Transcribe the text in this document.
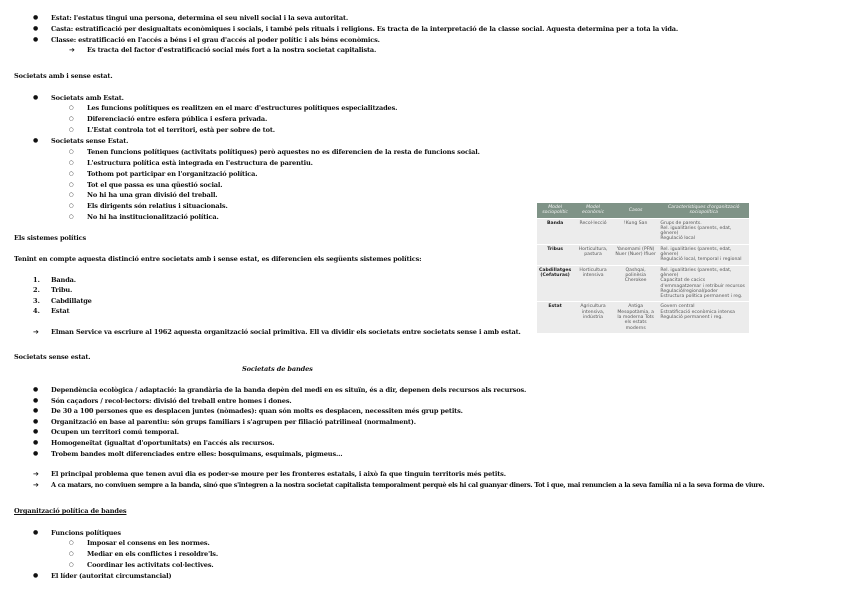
● Estat: l'estatus tingui una persona, determina el seu nivell social i la seva autoritat.
● Casta: estratificació per desigualtats econòmiques i socials, i també pels rituals i religions. Es tracta de la interpretació de la classe social. Aquesta determina per a tota la vida.
● Classe: estratificació en l'accés a béns i el grau d'accés al poder polític i als béns econòmics.
➔ Es tracta del factor d'estratificació social més fort a la nostra societat capitalista.
Societats amb i sense estat.
● Societats amb Estat.
○ Les funcions polítiques es realitzen en el marc d'estructures polítiques especialitzades.
○ Diferenciació entre esfera pública i esfera privada.
○ L'Estat controla tot el territori, està per sobre de tot.
● Societats sense Estat.
○ Tenen funcions polítiques (activitats polítiques) però aquestes no es diferencien de la resta de funcions social.
○ L'estructura política està integrada en l'estructura de parentiu.
○ Tothom pot participar en l'organització política.
○ Tot el que passa es una qüestió social.
○ No hi ha una gran divisió del treball.
○ Els dirigents són relatius i situacionals.
○ No hi ha institucionalització política.
Els sistemes polítics
Tenint en compte aquesta distinció entre societats amb i sense estat, es diferencien els següents sistemes polítics:
1. Banda.
2. Tribu.
3. Cabdillatge
4. Estat
➔ Elman Service va escriure al 1962 aquesta organització social primitiva. Ell va dividir els societats entre societats sense i amb estat.
Societats sense estat.
Societats de bandes
● Dependència ecològica / adaptació: la grandària de la banda depèn del medi en es situïn, és a dir, depenen dels recursos als recursos.
● Són caçadors / recol·lectors: divisió del treball entre homes i dones.
● De 30 a 100 persones que es desplacen juntes (nòmades): quan són molts es desplacen, necessiten més grup petits.
● Organització en base al parentiu: són grups familiars i s'agrupen per filiació patrilineal (normalment).
● Ocupen un territori comú temporal.
● Homogeneïtat (igualtat d'oportunitats) en l'accés als recursos.
● Trobem bandes molt diferenciades entre elles: bosquimans, esquimals, pigmeus…
➔ El principal problema que tenen avui dia es poder-se moure per les fronteres estatals, i això fa que tinguin territoris més petits.
➔ A ca matars, no conviuen sempre a la banda, sinó que s'integren a la nostra societat capitalista temporalment perquè els hi cal guanyar diners. Tot i que, mai renuncien a la seva família ni a la seva forma de viure.
Organització política de bandes
● Funcions polítiques
○ Imposar el consens en les normes.
○ Mediar en els conflictes i resoldre'ls.
○ Coordinar les activitats col·lectives.
● El líder (autoritat circumstancial)
Model sociopolític	Model econòmic	Casos	Característiques d'organització sociopolítica
Banda	Recol·lecció	!Kung San	Grups de parents.
Rel. igualitàries (parents, edat, gènere)
Regulació local
Tribus	Horticultura, pastura	Yanomami (PFN) Nuer (Nuer) Ifiuer	Rel. igualitàries (parents, edat, gènere)
Regulació local, temporal i regional
Cabdillatges (Cefaturas)	Horticultura intensiva	Qashqai, polinèsia Cherokee	Rel. igualitàries (parents, edat, gènere)
Capacitat de cacics d'emmagatzemar i retribuir recursos
Regulació/regional/poder
Estructura política permanent i reg.
Estat	Agricultura intensiva, indústria	Antiga Mesopotàmia, a la moderna Tots els estats moderns	Govern central
Estratificació econòmica intensa
Regulació permanent i reg.
